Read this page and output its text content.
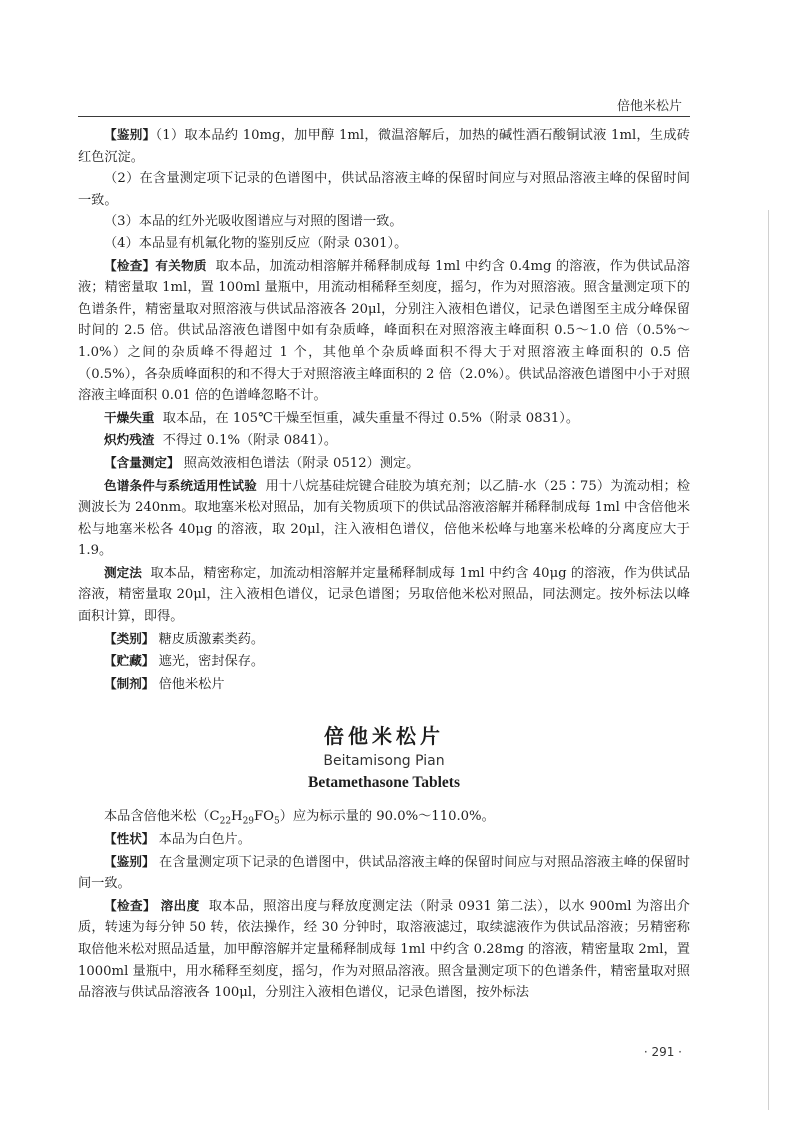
倍他米松片

【鉴别】（1）取本品约 10mg，加甲醇 1ml，微温溶解后，加热的碱性酒石酸铜试液 1ml，生成砖红色沉淀。

（2）在含量测定项下记录的色谱图中，供试品溶液主峰的保留时间应与对照品溶液主峰的保留时间一致。

（3）本品的红外光吸收图谱应与对照的图谱一致。

（4）本品显有机氟化物的鉴别反应（附录 0301）。

【检查】有关物质 取本品，加流动相溶解并稀释制成每 1ml 中约含 0.4mg 的溶液，作为供试品溶液；精密量取 1ml，置 100ml 量瓶中，用流动相稀释至刻度，摇匀，作为对照溶液。照含量测定项下的色谱条件，精密量取对照溶液与供试品溶液各 20μl，分别注入液相色谱仪，记录色谱图至主成分峰保留时间的 2.5 倍。供试品溶液色谱图中如有杂质峰，峰面积在对照溶液主峰面积 0.5～1.0 倍（0.5%～1.0%）之间的杂质峰不得超过 1 个，其他单个杂质峰面积不得大于对照溶液主峰面积的 0.5 倍（0.5%），各杂质峰面积的和不得大于对照溶液主峰面积的 2 倍（2.0%）。供试品溶液色谱图中小于对照溶液主峰面积 0.01 倍的色谱峰忽略不计。

干燥失重 取本品，在 105℃干燥至恒重，减失重量不得过 0.5%（附录 0831）。

炽灼残渣 不得过 0.1%（附录 0841）。

【含量测定】 照高效液相色谱法（附录 0512）测定。

色谱条件与系统适用性试验 用十八烷基硅烷键合硅胶为填充剂；以乙腈-水（25∶75）为流动相；检测波长为 240nm。取地塞米松对照品，加有关物质项下的供试品溶液溶解并稀释制成每 1ml 中含倍他米松与地塞米松各 40μg 的溶液，取 20μl，注入液相色谱仪，倍他米松峰与地塞米松峰的分离度应大于 1.9。

测定法 取本品，精密称定，加流动相溶解并定量稀释制成每 1ml 中约含 40μg 的溶液，作为供试品溶液，精密量取 20μl，注入液相色谱仪，记录色谱图；另取倍他米松对照品，同法测定。按外标法以峰面积计算，即得。

【类别】 糖皮质激素类药。

【贮藏】 遮光，密封保存。

【制剂】 倍他米松片

倍他米松片
Beitamisong Pian
Betamethasone Tablets

本品含倍他米松$(C_{22}H_{29}FO_5)$应为标示量的 90.0%～110.0%。

【性状】 本品为白色片。

【鉴别】 在含量测定项下记录的色谱图中，供试品溶液主峰的保留时间应与对照品溶液主峰的保留时间一致。

【检查】 溶出度 取本品，照溶出度与释放度测定法（附录 0931 第二法），以水 900ml 为溶出介质，转速为每分钟 50 转，依法操作，经 30 分钟时，取溶液滤过，取续滤液作为供试品溶液；另精密称取倍他米松对照品适量，加甲醇溶解并定量稀释制成每 1ml 中约含 0.28mg 的溶液，精密量取 2ml，置 1000ml 量瓶中，用水稀释至刻度，摇匀，作为对照品溶液。照含量测定项下的色谱条件，精密量取对照品溶液与供试品溶液各 100μl，分别注入液相色谱仪，记录色谱图，按外标法

· 291 ·
